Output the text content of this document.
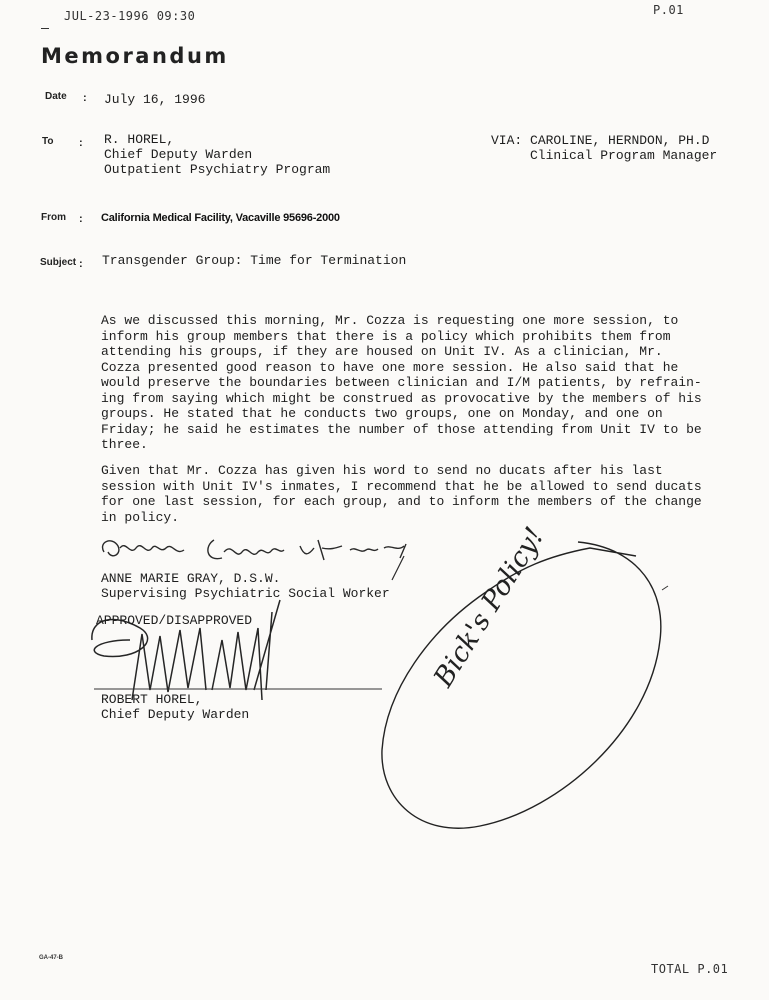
JUL-23-1996 09:30	P.01
Memorandum
Date : July 16, 1996
To : R. HOREL,
Chief Deputy Warden
Outpatient Psychiatry Program
VIA: CAROLINE, HERNDON, PH.D
Clinical Program Manager
From : California Medical Facility, Vacaville 95696-2000
Subject : Transgender Group: Time for Termination
As we discussed this morning, Mr. Cozza is requesting one more session, to
inform his group members that there is a policy which prohibits them from
attending his groups, if they are housed on Unit IV. As a clinician, Mr.
Cozza presented good reason to have one more session. He also said that he
would preserve the boundaries between clinician and I/M patients, by refrain-
ing from saying which might be construed as provocative by the members of his
groups. He stated that he conducts two groups, one on Monday, and one on
Friday; he said he estimates the number of those attending from Unit IV to be
three.
Given that Mr. Cozza has given his word to send no ducats after his last
session with Unit IV's inmates, I recommend that he be allowed to send ducats
for one last session, for each group, and to inform the members of the change
in policy.
ANNE MARIE GRAY, D.S.W.
Supervising Psychiatric Social Worker
APPROVED/DISAPPROVED
ROBERT HOREL,
Chief Deputy Warden
Bick's Policy!
GA-47-B
TOTAL P.01
